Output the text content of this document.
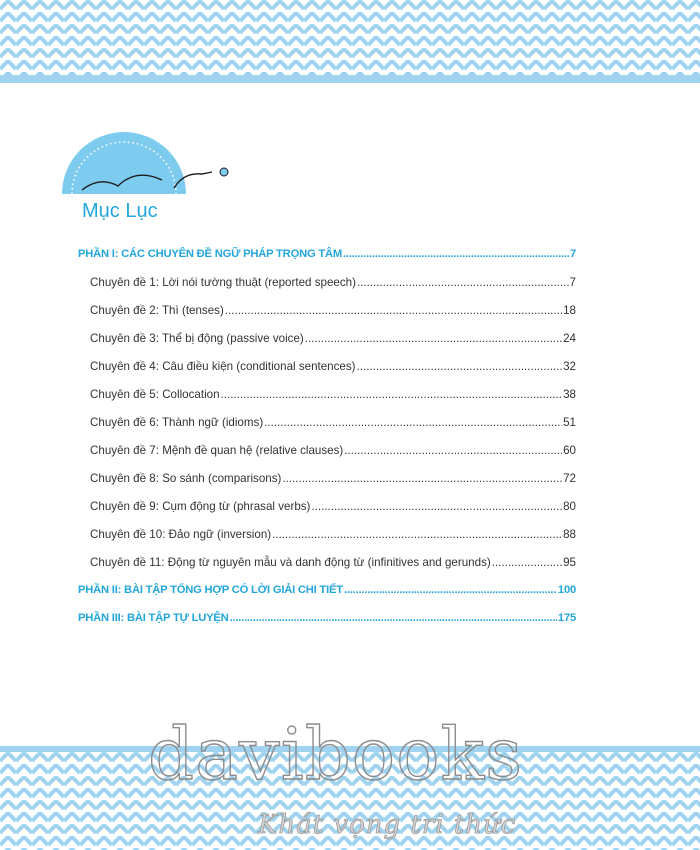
Mục Lục
PHẦN I: CÁC CHUYÊN ĐỀ NGỮ PHÁP TRỌNG TÂM .....	7
Chuyên đề 1: Lời nói tường thuật (reported speech) .....	7
Chuyên đề 2: Thì (tenses) .....	18
Chuyên đề 3: Thể bị động (passive voice) .....	24
Chuyên đề 4: Câu điều kiện (conditional sentences) .....	32
Chuyên đề 5: Collocation .....	38
Chuyên đề 6: Thành ngữ (idioms) .....	51
Chuyên đề 7: Mệnh đề quan hệ (relative clauses) .....	60
Chuyên đề 8: So sánh (comparisons) .....	72
Chuyên đề 9: Cụm động từ (phrasal verbs) .....	80
Chuyên đề 10: Đảo ngữ (inversion) .....	88
Chuyên đề 11: Động từ nguyên mẫu và danh động từ (infinitives and gerunds) .....	95
PHẦN II: BÀI TẬP TỔNG HỢP CÓ LỜI GIẢI CHI TIẾT .....	100
PHẦN III: BÀI TẬP TỰ LUYỆN .....	175
davibooks
Khát vọng tri thức
